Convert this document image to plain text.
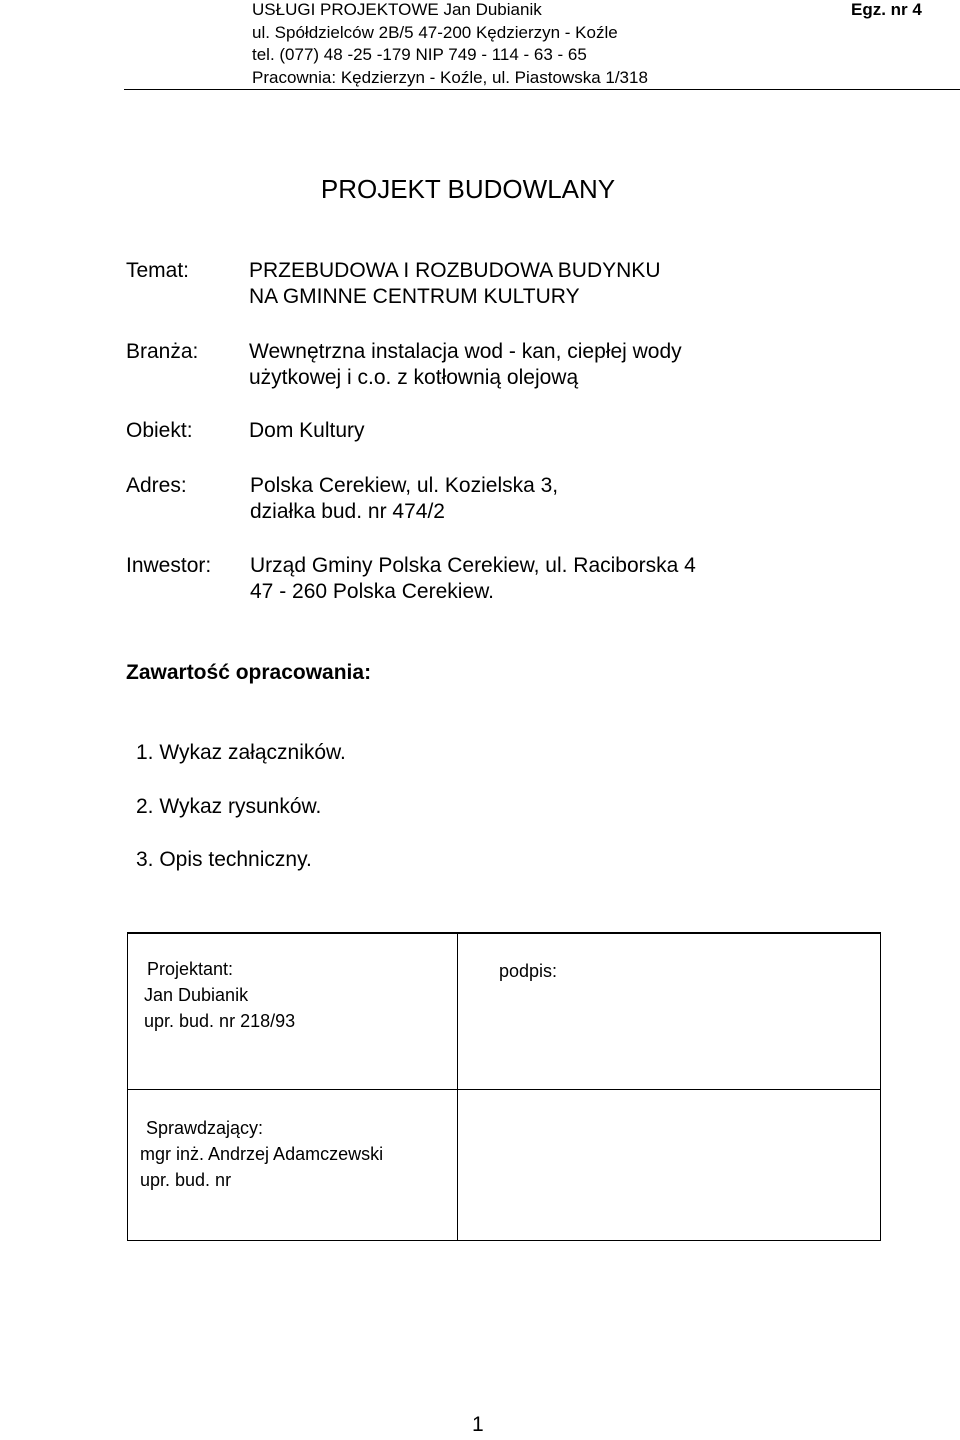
USŁUGI PROJEKTOWE Jan Dubianik
ul. Spółdzielców 2B/5 47-200 Kędzierzyn - Koźle
tel. (077) 48 -25 -179 NIP 749 - 114 - 63 - 65
Pracownia: Kędzierzyn - Koźle, ul. Piastowska 1/318
Egz. nr 4
PROJEKT BUDOWLANY
Temat:	PRZEBUDOWA I ROZBUDOWA BUDYNKU
NA GMINNE CENTRUM KULTURY
Branża: Wewnętrzna instalacja wod - kan, ciepłej wody
użytkowej i c.o. z kotłownią olejową
Obiekt:	Dom Kultury
Adres:	Polska Cerekiew, ul. Kozielska 3,
działka bud. nr 474/2
Inwestor: Urząd Gminy Polska Cerekiew, ul. Raciborska 4
47 - 260 Polska Cerekiew.
Zawartość opracowania:
1. Wykaz załączników.
2. Wykaz rysunków.
3. Opis techniczny.
Projektant:
Jan Dubianik
upr. bud. nr 218/93	podpis:

Sprawdzający:
mgr inż. Andrzej Adamczewski
upr. bud. nr	

1
